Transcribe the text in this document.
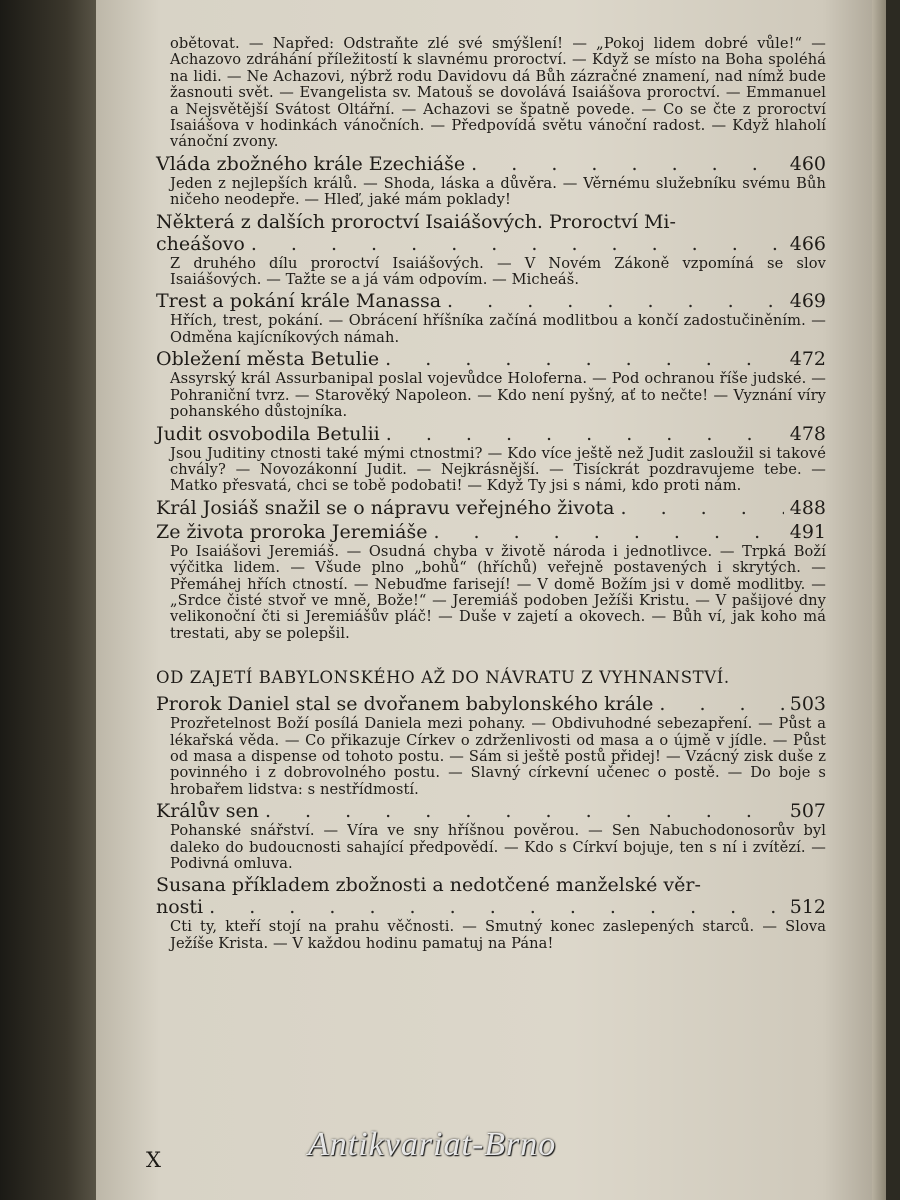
obětovat. — Napřed: Odstraňte zlé své smýšlení! — „Pokoj lidem dobré vůle!“ — Achazovo zdráhání příležitostí k slavnému proroctví. — Když se místo na Boha spoléhá na lidi. — Ne Achazovi, nýbrž rodu Davidovu dá Bůh zázračné znamení, nad nímž bude žasnouti svět. — Evangelista sv. Matouš se dovolává Isaiášova proroctví. — Emmanuel a Nejsvětější Svátost Oltářní. — Achazovi se špatně povede. — Co se čte z proroctví Isaiášova v hodinkách vánočních. — Předpovídá světu vánoční radost. — Když hlaholí vánoční zvony.

Vláda zbožného krále Ezechiáše . . .	460

Jeden z nejlepších králů. — Shoda, láska a důvěra. — Věrnému služebníku svému Bůh ničeho neodepře. — Hleď, jaké mám poklady!

Některá z dalších proroctví Isaiášových. Proroctví Mi-
cheášovo . . .	466

Z druhého dílu proroctví Isaiášových. — V Novém Zákoně vzpomíná se slov Isaiášových. — Tažte se a já vám odpovím. — Micheáš.

Trest a pokání krále Manassa . . .	469

Hřích, trest, pokání. — Obrácení hříšníka začíná modlitbou a končí zadostučiněním. — Odměna kajícníkových námah.

Obležení města Betulie . . .	472

Assyrský král Assurbanipal poslal vojevůdce Holoferna. — Pod ochranou říše judské. — Pohraniční tvrz. — Starověký Napoleon. — Kdo není pyšný, ať to nečte! — Vyznání víry pohanského důstojníka.

Judit osvobodila Betulii . . .	478

Jsou Juditiny ctnosti také mými ctnostmi? — Kdo více ještě než Judit zasloužil si takové chvály? — Novozákonní Judit. — Nejkrásnější. — Tisíckrát pozdravujeme tebe. — Matko přesvatá, chci se tobě podobati! — Když Ty jsi s námi, kdo proti nám.

Král Josiáš snažil se o nápravu veřejného života . . .	488
Ze života proroka Jeremiáše . . .	491

Po Isaiášovi Jeremiáš. — Osudná chyba v životě národa i jednotlivce. — Trpká Boží výčitka lidem. — Všude plno „bohů“ (hříchů) veřejně postavených i skrytých. — Přemáhej hřích ctností. — Nebuďme farisejí! — V domě Božím jsi v domě modlitby. — „Srdce čisté stvoř ve mně, Bože!“ — Jeremiáš podoben Ježíši Kristu. — V pašijové dny velikonoční čti si Jeremiášův pláč! — Duše v zajetí a okovech. — Bůh ví, jak koho má trestati, aby se polepšil.

OD ZAJETÍ BABYLONSKÉHO AŽ DO NÁVRATU Z VYHNANSTVÍ.
Prorok Daniel stal se dvořanem babylonského krále . . .	503

Prozřetelnost Boží posílá Daniela mezi pohany. — Obdivuhodné sebezapření. — Půst a lékařská věda. — Co přikazuje Církev o zdrženlivosti od masa a o újmě v jídle. — Půst od masa a dispense od tohoto postu. — Sám si ještě postů přidej! — Vzácný zisk duše z povinného i z dobrovolného postu. — Slavný církevní učenec o postě. — Do boje s hrobařem lidstva: s nestřídmostí.

Králův sen . . .	507

Pohanské snářství. — Víra ve sny hříšnou pověrou. — Sen Nabuchodonosorův byl daleko do budoucnosti sahající předpovědí. — Kdo s Církví bojuje, ten s ní i zvítězí. — Podivná omluva.

Susana příkladem zbožnosti a nedotčené manželské věr-
nosti . . .	512

Cti ty, kteří stojí na prahu věčnosti. — Smutný konec zaslepených starců. — Slova Ježíše Krista. — V každou hodinu pamatuj na Pána!

X	Antikvariat-Brno
